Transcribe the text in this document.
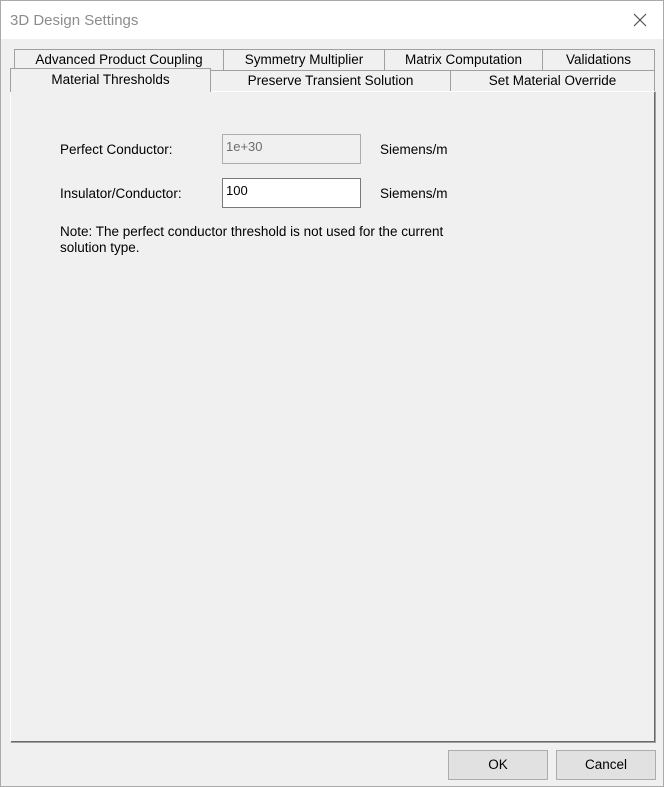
3D Design Settings
Advanced Product Coupling	Symmetry Multiplier	Matrix Computation	Validations
Material Thresholds	Preserve Transient Solution	Set Material Override
Perfect Conductor:	1e+30	Siemens/m
Insulator/Conductor:	100	Siemens/m
Note: The perfect conductor threshold is not used for the current solution type.
OK	Cancel
